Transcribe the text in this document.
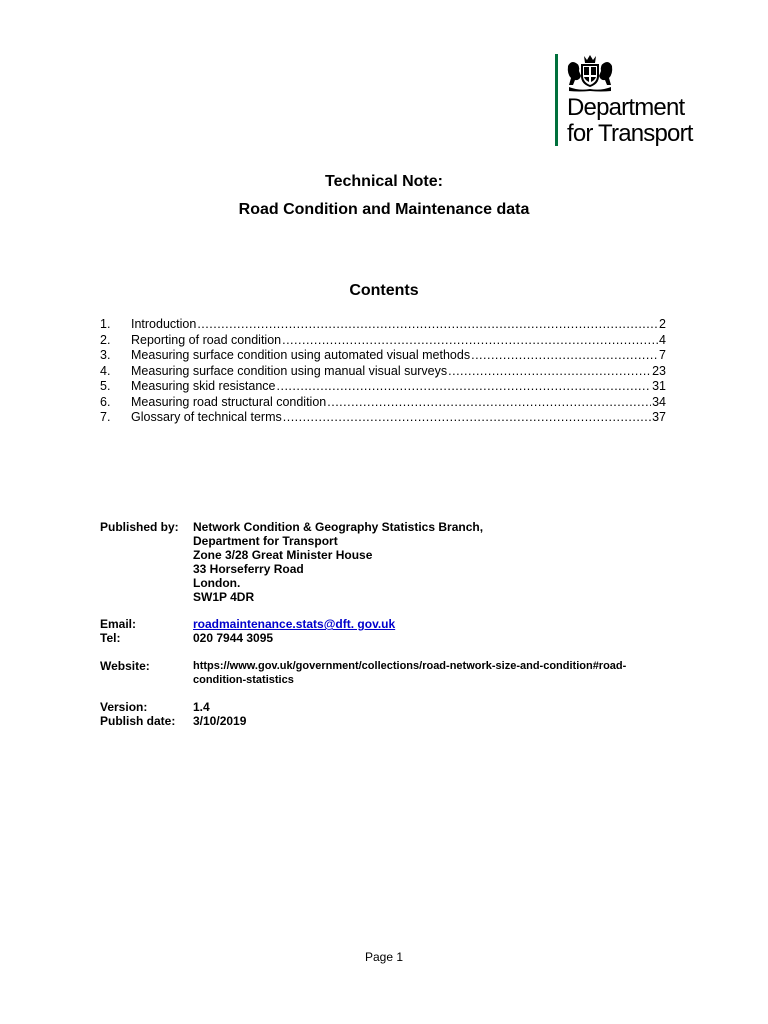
Department
for Transport
Technical Note:
Road Condition and Maintenance data
Contents
1.	Introduction .....	2
2.	Reporting of road condition .....	4
3.	Measuring surface condition using automated visual methods .....	7
4.	Measuring surface condition using manual visual surveys .....	23
5.	Measuring skid resistance .....	31
6.	Measuring road structural condition .....	34
7.	Glossary of technical terms .....	37
Published by:	Network Condition & Geography Statistics Branch,
Department for Transport
Zone 3/28 Great Minister House
33 Horseferry Road
London.
SW1P 4DR
Email:	roadmaintenance.stats@dft. gov.uk
Tel:	020 7944 3095
Website:	https://www.gov.uk/government/collections/road-network-size-and-condition#road-
condition-statistics
Version:	1.4
Publish date:	3/10/2019
Page 1
